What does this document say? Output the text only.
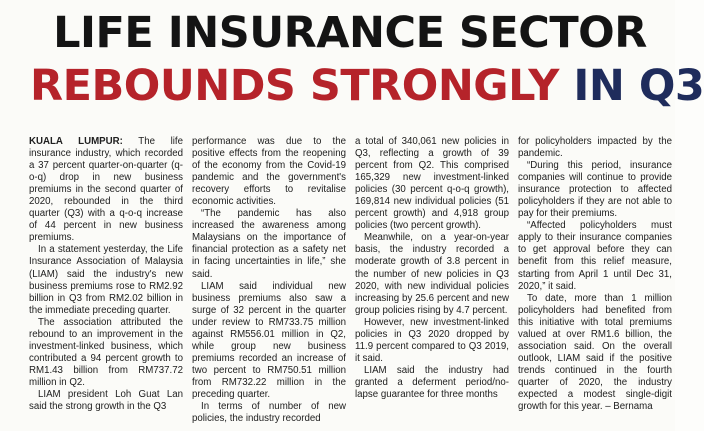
LIFE INSURANCE SECTOR
REBOUNDS STRONGLY IN Q3

KUALA LUMPUR: The life insurance industry, which recorded a 37 percent quarter-on-quarter (q-o-q) drop in new business premiums in the second quarter of 2020, rebounded in the third quarter (Q3) with a q-o-q increase of 44 percent in new business premiums.

In a statement yesterday, the Life Insurance Association of Malaysia (LIAM) said the industry's new business premiums rose to RM2.92 billion in Q3 from RM2.02 billion in the immediate preceding quarter.

The association attributed the rebound to an improvement in the investment-linked business, which contributed a 94 percent growth to RM1.43 billion from RM737.72 million in Q2.

LIAM president Loh Guat Lan said the strong growth in the Q3

performance was due to the positive effects from the reopening of the economy from the Covid-19 pandemic and the government's recovery efforts to revitalise economic activities.

“The pandemic has also increased the awareness among Malaysians on the importance of financial protection as a safety net in facing uncertainties in life,” she said.

LIAM said individual new business premiums also saw a surge of 32 percent in the quarter under review to RM733.75 million against RM556.01 million in Q2, while group new business premiums recorded an increase of two percent to RM750.51 million from RM732.22 million in the preceding quarter.

In terms of number of new policies, the industry recorded

a total of 340,061 new policies in Q3, reflecting a growth of 39 percent from Q2. This comprised 165,329 new investment-linked policies (30 percent q-o-q growth), 169,814 new individual policies (51 percent growth) and 4,918 group policies (two percent growth).

Meanwhile, on a year-on-year basis, the industry recorded a moderate growth of 3.8 percent in the number of new policies in Q3 2020, with new individual policies increasing by 25.6 percent and new group policies rising by 4.7 percent.

However, new investment-linked policies in Q3 2020 dropped by 11.9 percent compared to Q3 2019, it said.

LIAM said the industry had granted a deferment period/no-lapse guarantee for three months

for policyholders impacted by the pandemic.

“During this period, insurance companies will continue to provide insurance protection to affected policyholders if they are not able to pay for their premiums.

“Affected policyholders must apply to their insurance companies to get approval before they can benefit from this relief measure, starting from April 1 until Dec 31, 2020,” it said.

To date, more than 1 million policyholders had benefited from this initiative with total premiums valued at over RM1.6 billion, the association said. On the overall outlook, LIAM said if the positive trends continued in the fourth quarter of 2020, the industry expected a modest single-digit growth for this year. – Bernama
